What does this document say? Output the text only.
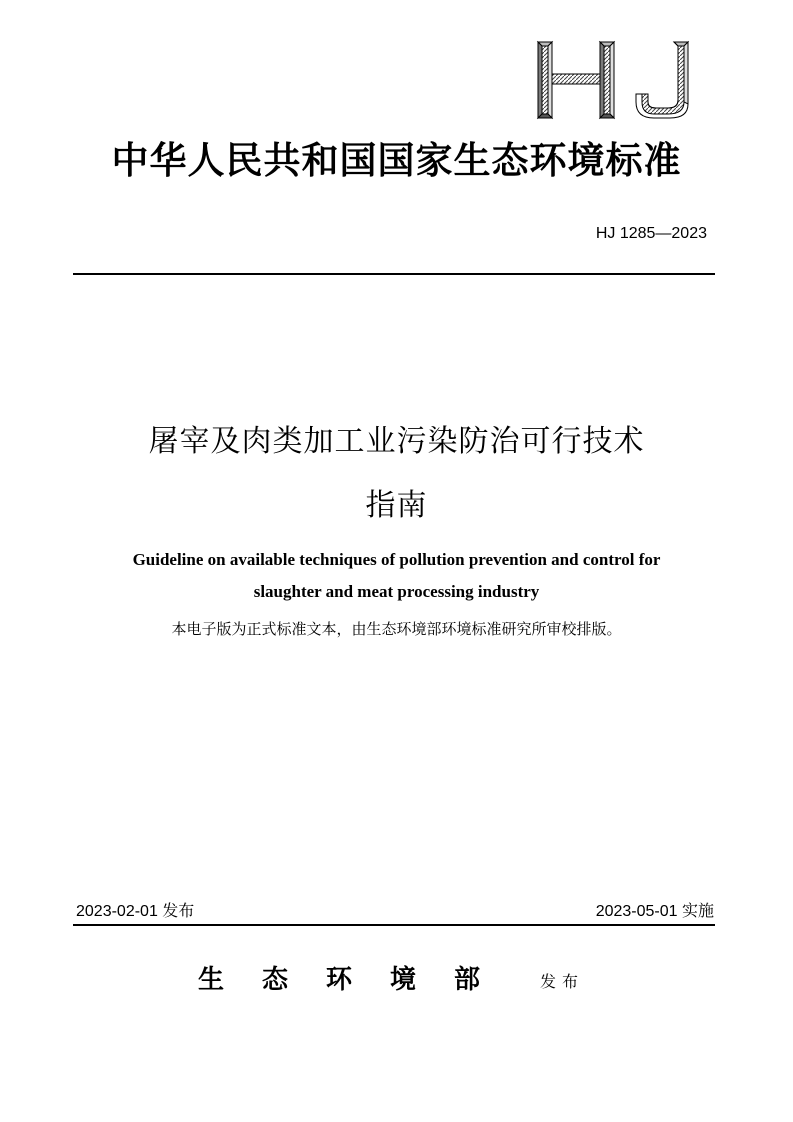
中华人民共和国国家生态环境标准
HJ 1285—2023
屠宰及肉类加工业污染防治可行技术
指南
Guideline on available techniques of pollution prevention and control for
slaughter and meat processing industry
本电子版为正式标准文本，由生态环境部环境标准研究所审校排版。
2023-02-01 发布	2023-05-01 实施
生态环境部 发布
